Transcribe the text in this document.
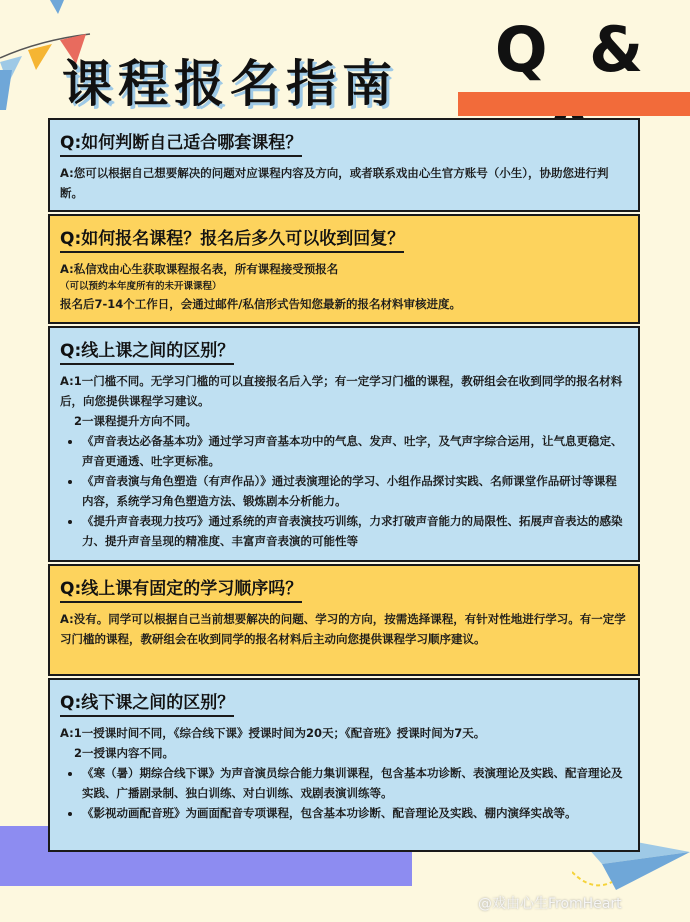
课程报名指南	Q &
Q:如何判断自己适合哪套课程？
A:您可以根据自己想要解决的问题对应课程内容及方向，或者联系戏由心生官方账号（小生），协助您进行判断。
Q:如何报名课程？报名后多久可以收到回复？
A:私信戏由心生获取课程报名表，所有课程接受预报名
（可以预约本年度所有的未开课课程）
报名后7-14个工作日，会通过邮件/私信形式告知您最新的报名材料审核进度。
Q:线上课之间的区别？
A:1一门槛不同。无学习门槛的可以直接报名后入学；有一定学习门槛的课程，教研组会在收到同学的报名材料后，向您提供课程学习建议。
2一课程提升方向不同。
• 《声音表达必备基本功》通过学习声音基本功中的气息、发声、吐字，及气声字综合运用，让气息更稳定、声音更通透、吐字更标准。
• 《声音表演与角色塑造（有声作品）》通过表演理论的学习、小组作品探讨实践、名师课堂作品研讨等课程内容，系统学习角色塑造方法、锻炼剧本分析能力。
• 《提升声音表现力技巧》通过系统的声音表演技巧训练，力求打破声音能力的局限性、拓展声音表达的感染力、提升声音呈现的精准度、丰富声音表演的可能性等
Q:线上课有固定的学习顺序吗？
A:没有。同学可以根据自己当前想要解决的问题、学习的方向，按需选择课程，有针对性地进行学习。有一定学习门槛的课程，教研组会在收到同学的报名材料后主动向您提供课程学习顺序建议。
Q:线下课之间的区别？
A:1一授课时间不同，《综合线下课》授课时间为20天；《配音班》授课时间为7天。
2一授课内容不同。
• 《寒（暑）期综合线下课》为声音演员综合能力集训课程，包含基本功诊断、表演理论及实践、配音理论及实践、广播剧录制、独白训练、对白训练、戏剧表演训练等。
• 《影视动画配音班》为画面配音专项课程，包含基本功诊断、配音理论及实践、棚内演绎实战等。
@戏由心生FromHeart
